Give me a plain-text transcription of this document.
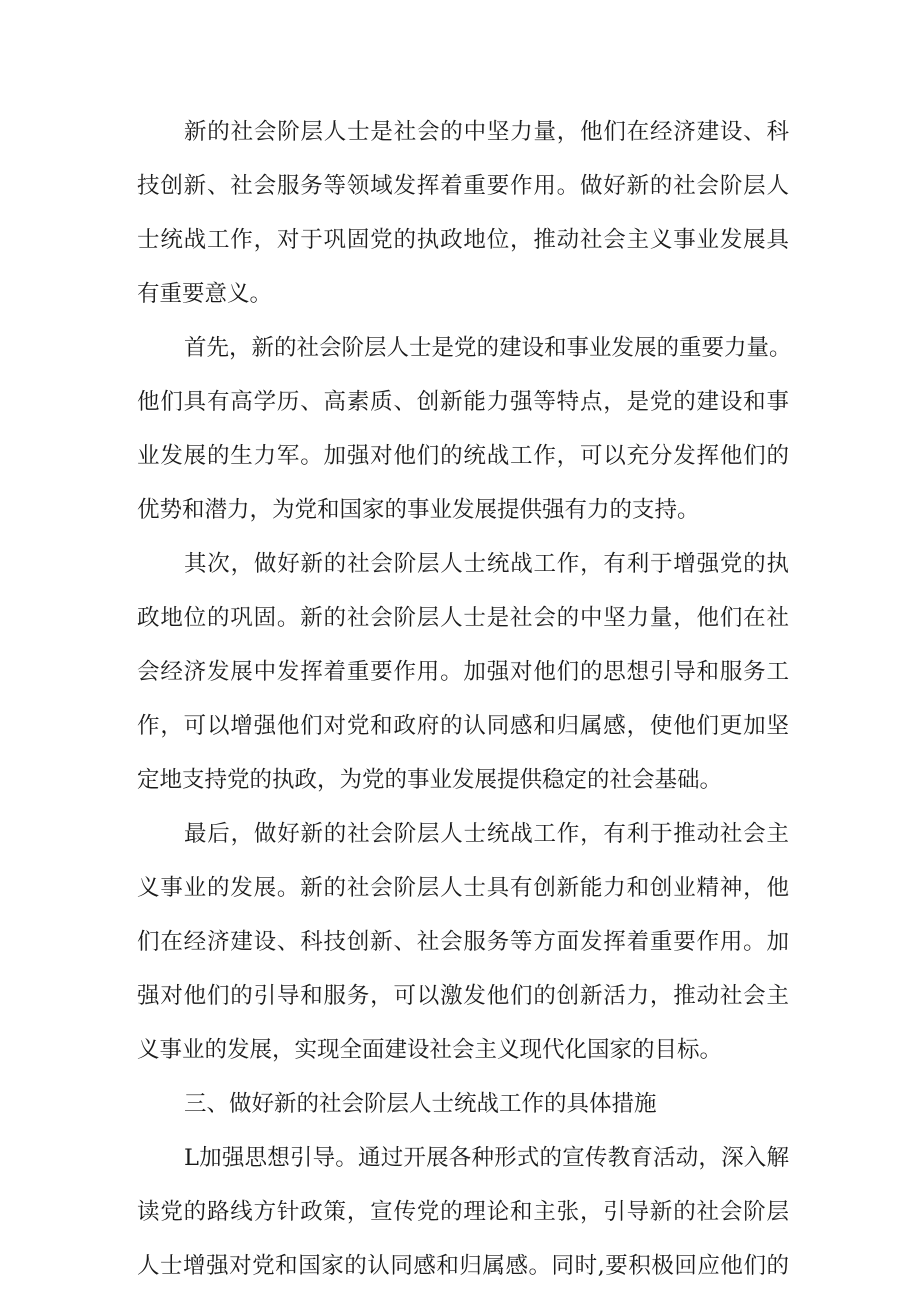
新的社会阶层人士是社会的中坚力量，他们在经济建设、科
技创新、社会服务等领域发挥着重要作用。做好新的社会阶层人
士统战工作，对于巩固党的执政地位，推动社会主义事业发展具
有重要意义。
首先，新的社会阶层人士是党的建设和事业发展的重要力量。
他们具有高学历、高素质、创新能力强等特点，是党的建设和事
业发展的生力军。加强对他们的统战工作，可以充分发挥他们的
优势和潜力，为党和国家的事业发展提供强有力的支持。
其次，做好新的社会阶层人士统战工作，有利于增强党的执
政地位的巩固。新的社会阶层人士是社会的中坚力量，他们在社
会经济发展中发挥着重要作用。加强对他们的思想引导和服务工
作，可以增强他们对党和政府的认同感和归属感，使他们更加坚
定地支持党的执政，为党的事业发展提供稳定的社会基础。
最后，做好新的社会阶层人士统战工作，有利于推动社会主
义事业的发展。新的社会阶层人士具有创新能力和创业精神，他
们在经济建设、科技创新、社会服务等方面发挥着重要作用。加
强对他们的引导和服务，可以激发他们的创新活力，推动社会主
义事业的发展，实现全面建设社会主义现代化国家的目标。
三、做好新的社会阶层人士统战工作的具体措施
L加强思想引导。通过开展各种形式的宣传教育活动，深入解
读党的路线方针政策，宣传党的理论和主张，引导新的社会阶层
人士增强对党和国家的认同感和归属感。同时,要积极回应他们的
